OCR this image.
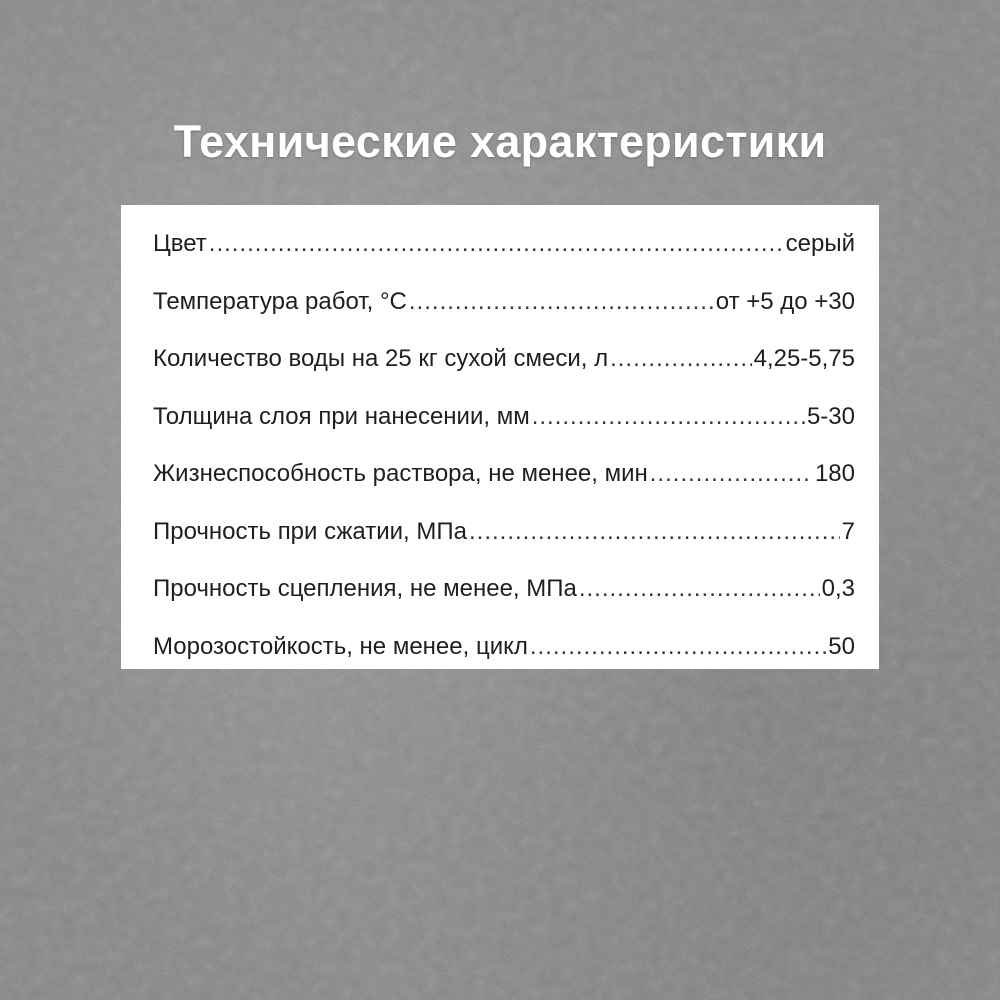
Технические характеристики
Цвет .....	серый
Температура работ, °С .....	от +5 до +30
Количество воды на 25 кг сухой смеси, л .....	4,25-5,75
Толщина слоя при нанесении, мм .....	5-30
Жизнеспособность раствора, не менее, мин .....	180
Прочность при сжатии, МПа .....	7
Прочность сцепления, не менее, МПа .....	0,3
Морозостойкость, не менее, цикл .....	50
